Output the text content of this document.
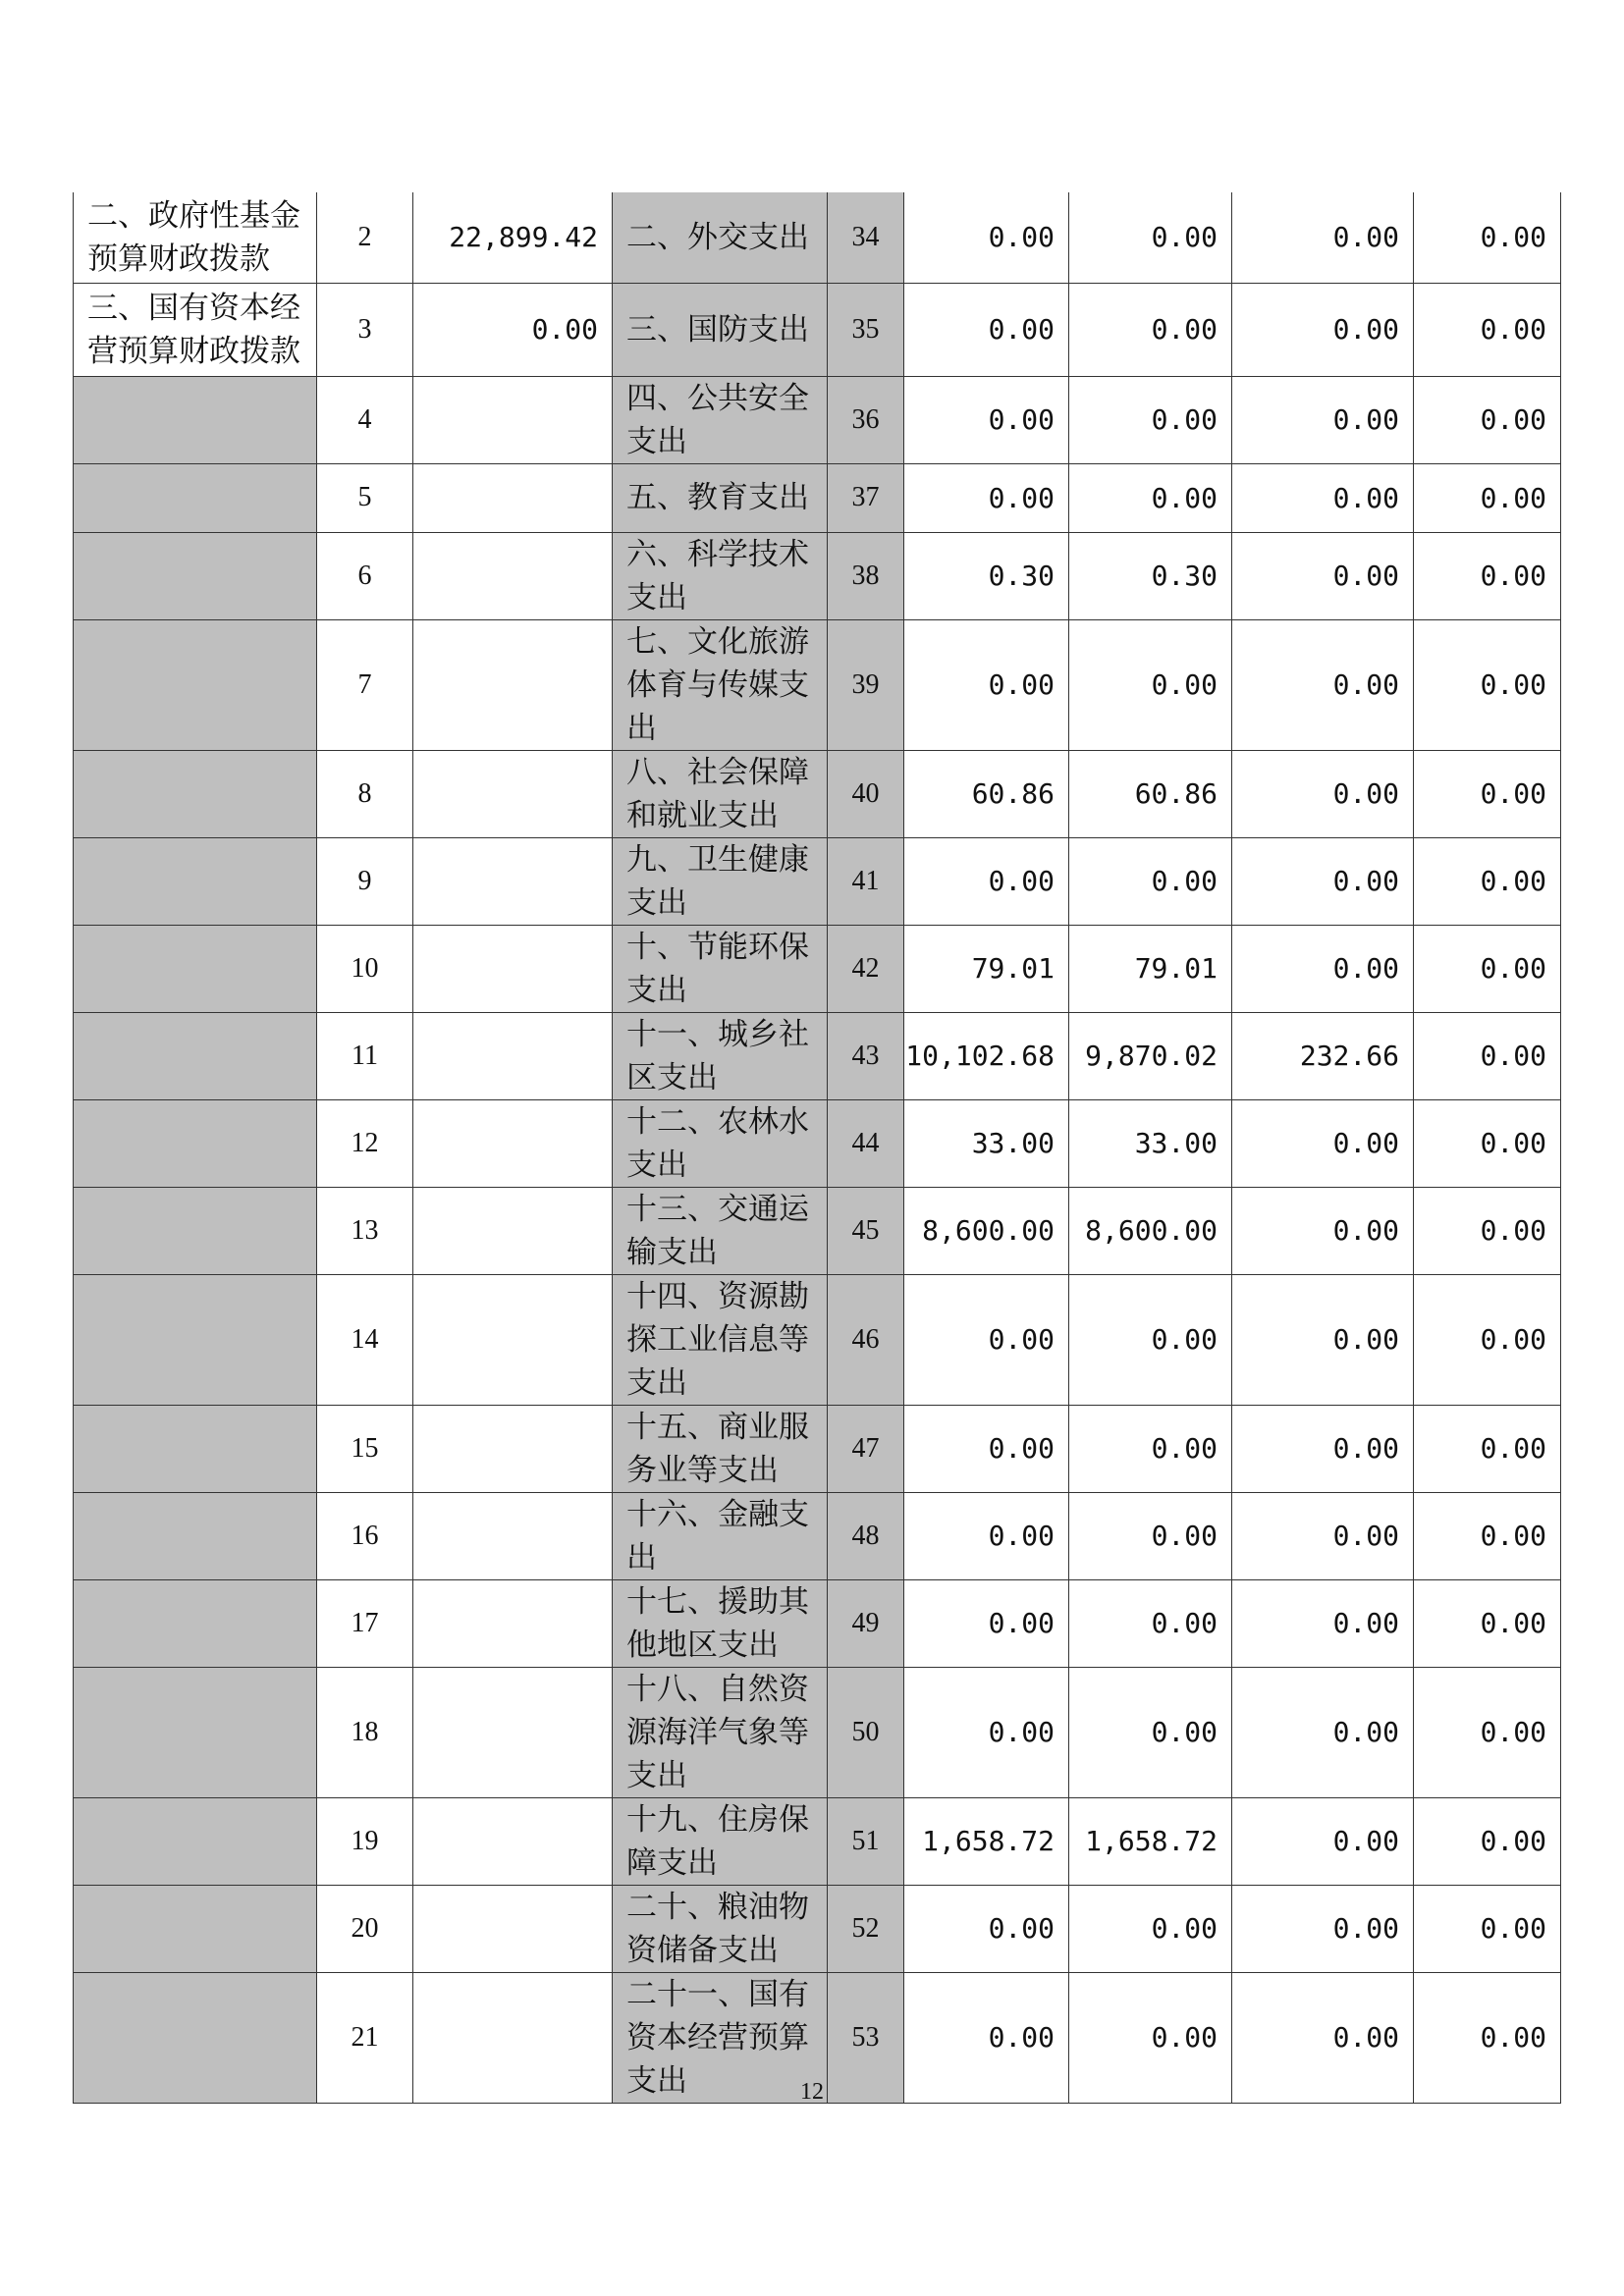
二、政府性基金预算财政拨款	2	22,899.42	二、外交支出	34	0.00	0.00	0.00	0.00
三、国有资本经营预算财政拨款	3	0.00	三、国防支出	35	0.00	0.00	0.00	0.00
	4		四、公共安全支出	36	0.00	0.00	0.00	0.00
	5		五、教育支出	37	0.00	0.00	0.00	0.00
	6		六、科学技术支出	38	0.30	0.30	0.00	0.00
	7		七、文化旅游体育与传媒支出	39	0.00	0.00	0.00	0.00
	8		八、社会保障和就业支出	40	60.86	60.86	0.00	0.00
	9		九、卫生健康支出	41	0.00	0.00	0.00	0.00
	10		十、节能环保支出	42	79.01	79.01	0.00	0.00
	11		十一、城乡社区支出	43	10,102.68	9,870.02	232.66	0.00
	12		十二、农林水支出	44	33.00	33.00	0.00	0.00
	13		十三、交通运输支出	45	8,600.00	8,600.00	0.00	0.00
	14		十四、资源勘探工业信息等支出	46	0.00	0.00	0.00	0.00
	15		十五、商业服务业等支出	47	0.00	0.00	0.00	0.00
	16		十六、金融支出	48	0.00	0.00	0.00	0.00
	17		十七、援助其他地区支出	49	0.00	0.00	0.00	0.00
	18		十八、自然资源海洋气象等支出	50	0.00	0.00	0.00	0.00
	19		十九、住房保障支出	51	1,658.72	1,658.72	0.00	0.00
	20		二十、粮油物资储备支出	52	0.00	0.00	0.00	0.00
	21		二十一、国有资本经营预算支出	53	0.00	0.00	0.00	0.00
12
